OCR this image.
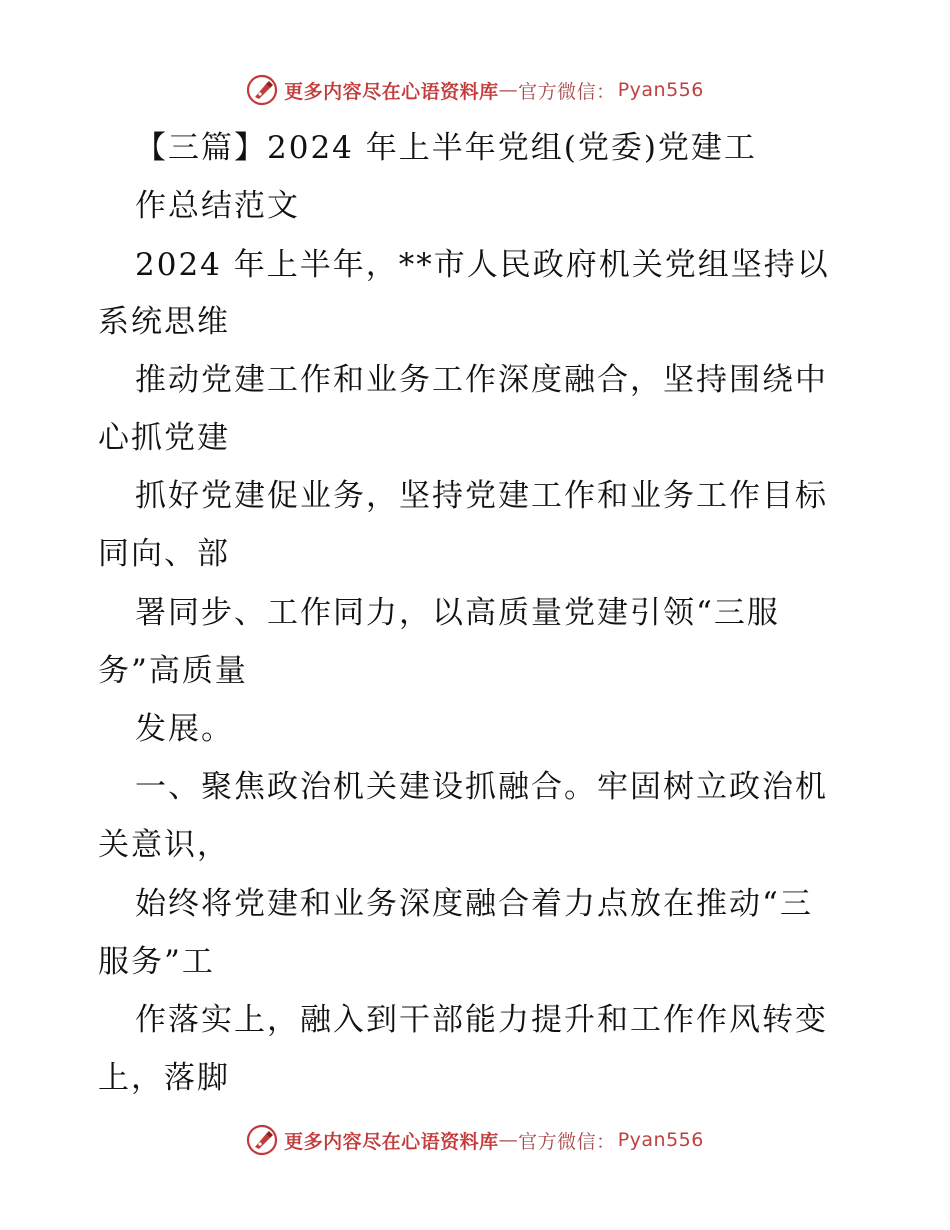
更多内容尽在心语资料库 — 官方微信： Pyan556
【三篇】2024 年上半年党组(党委)党建工
作总结范文
2024 年上半年，**市人民政府机关党组坚持以
系统思维
推动党建工作和业务工作深度融合，坚持围绕中
心抓党建
抓好党建促业务，坚持党建工作和业务工作目标
同向、部
署同步、工作同力，以高质量党建引领“三服
务”高质量
发展。
一、聚焦政治机关建设抓融合。牢固树立政治机
关意识，
始终将党建和业务深度融合着力点放在推动“三
服务”工
作落实上，融入到干部能力提升和工作作风转变
上，落脚
更多内容尽在心语资料库 — 官方微信： Pyan556
